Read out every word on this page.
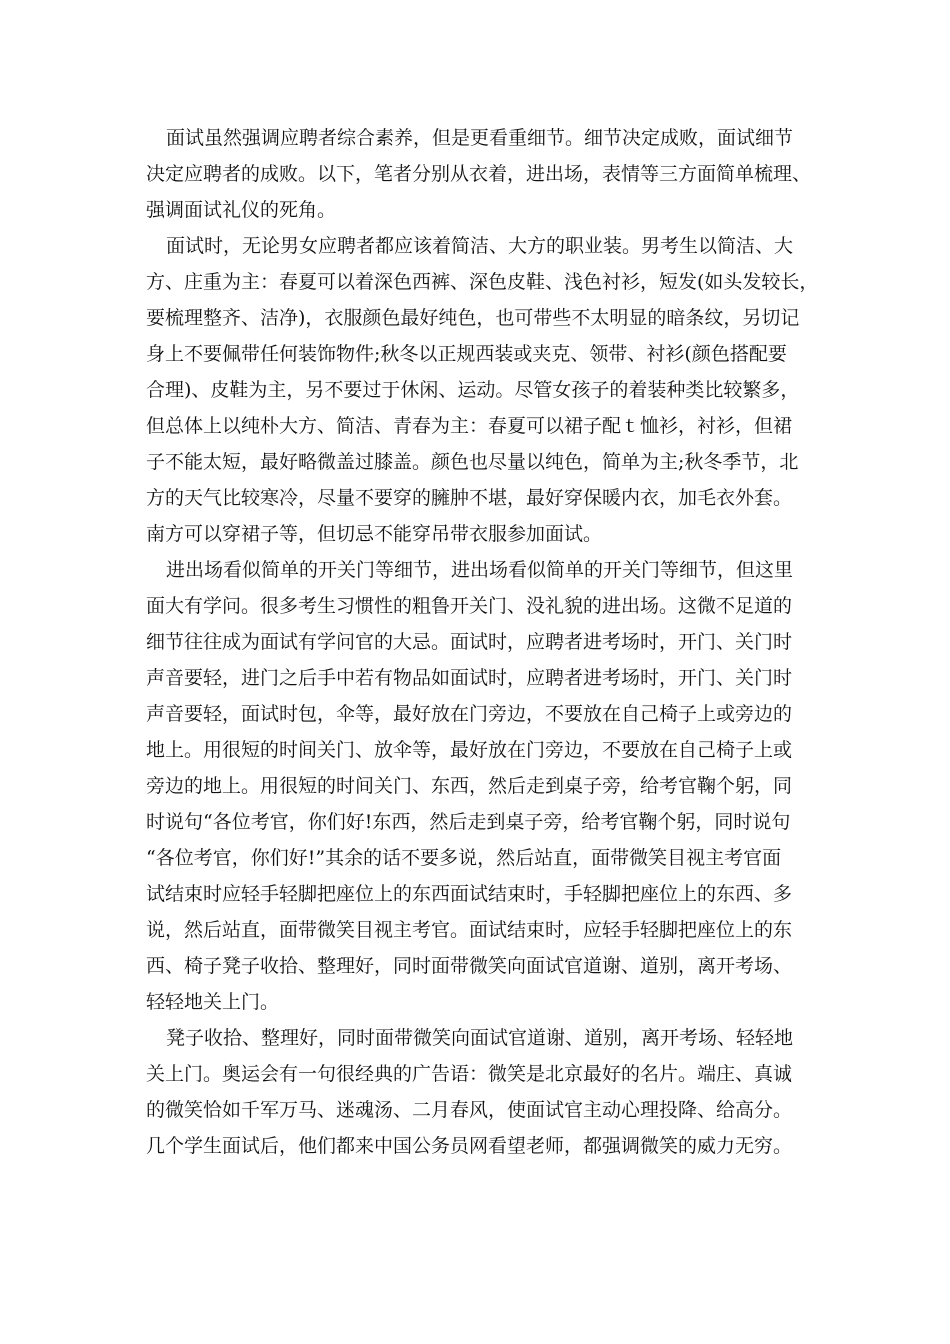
面试虽然强调应聘者综合素养，但是更看重细节。细节决定成败，面试细节
决定应聘者的成败。以下，笔者分别从衣着，进出场，表情等三方面简单梳理、
强调面试礼仪的死角。
面试时，无论男女应聘者都应该着简洁、大方的职业装。男考生以简洁、大
方、庄重为主：春夏可以着深色西裤、深色皮鞋、浅色衬衫，短发(如头发较长，
要梳理整齐、洁净)，衣服颜色最好纯色，也可带些不太明显的暗条纹，另切记
身上不要佩带任何装饰物件;秋冬以正规西装或夹克、领带、衬衫(颜色搭配要
合理)、皮鞋为主，另不要过于休闲、运动。尽管女孩子的着装种类比较繁多，
但总体上以纯朴大方、简洁、青春为主：春夏可以裙子配ｔ恤衫，衬衫，但裙
子不能太短，最好略微盖过膝盖。颜色也尽量以纯色，简单为主;秋冬季节，北
方的天气比较寒冷，尽量不要穿的臃肿不堪，最好穿保暖内衣，加毛衣外套。
南方可以穿裙子等，但切忌不能穿吊带衣服参加面试。
进出场看似简单的开关门等细节，进出场看似简单的开关门等细节，但这里
面大有学问。很多考生习惯性的粗鲁开关门、没礼貌的进出场。这微不足道的
细节往往成为面试有学问官的大忌。面试时，应聘者进考场时，开门、关门时
声音要轻，进门之后手中若有物品如面试时，应聘者进考场时，开门、关门时
声音要轻，面试时包，伞等，最好放在门旁边，不要放在自己椅子上或旁边的
地上。用很短的时间关门、放伞等，最好放在门旁边，不要放在自己椅子上或
旁边的地上。用很短的时间关门、东西，然后走到桌子旁，给考官鞠个躬，同
时说句“各位考官，你们好!东西，然后走到桌子旁，给考官鞠个躬，同时说句
“各位考官，你们好!”其余的话不要多说，然后站直，面带微笑目视主考官面
试结束时应轻手轻脚把座位上的东西面试结束时，手轻脚把座位上的东西、多
说，然后站直，面带微笑目视主考官。面试结束时，应轻手轻脚把座位上的东
西、椅子凳子收拾、整理好，同时面带微笑向面试官道谢、道别，离开考场、
轻轻地关上门。
凳子收拾、整理好，同时面带微笑向面试官道谢、道别，离开考场、轻轻地
关上门。奥运会有一句很经典的广告语：微笑是北京最好的名片。端庄、真诚
的微笑恰如千军万马、迷魂汤、二月春风，使面试官主动心理投降、给高分。
几个学生面试后，他们都来中国公务员网看望老师，都强调微笑的威力无穷。
